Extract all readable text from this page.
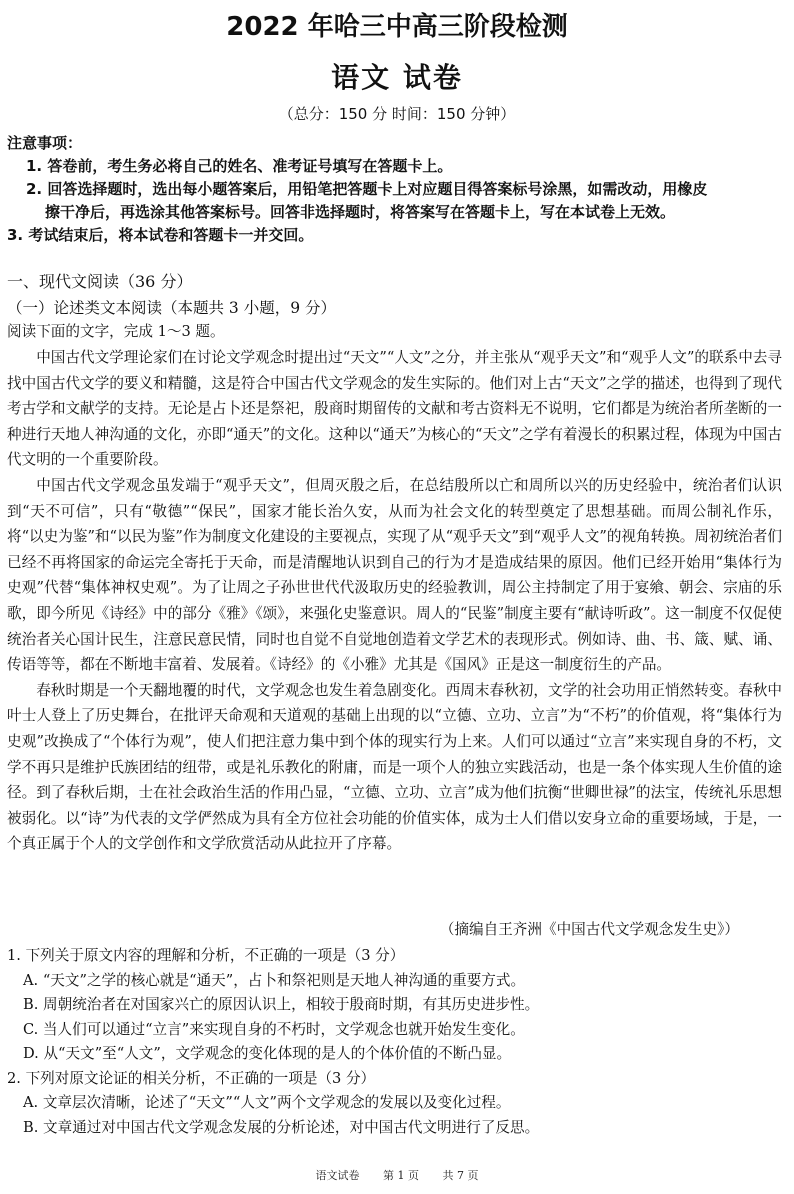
2022 年哈三中高三阶段检测
语文 试卷
（总分：150 分 时间：150 分钟）
注意事项：
1. 答卷前，考生务必将自己的姓名、准考证号填写在答题卡上。
2. 回答选择题时，选出每小题答案后，用铅笔把答题卡上对应题目得答案标号涂黑，如需改动，用橡皮
擦干净后，再选涂其他答案标号。回答非选择题时，将答案写在答题卡上，写在本试卷上无效。
3. 考试结束后，将本试卷和答题卡一并交回。
一、现代文阅读（36 分）
（一）论述类文本阅读（本题共 3 小题，9 分）
阅读下面的文字，完成 1～3 题。

中国古代文学理论家们在讨论文学观念时提出过“天文”“人文”之分，并主张从“观乎天文”和“观乎人文”的联系中去寻找中国古代文学的要义和精髓，这是符合中国古代文学观念的发生实际的。他们对上古“天文”之学的描述，也得到了现代考古学和文献学的支持。无论是占卜还是祭祀，殷商时期留传的文献和考古资料无不说明，它们都是为统治者所垄断的一种进行天地人神沟通的文化，亦即“通天”的文化。这种以“通天”为核心的“天文”之学有着漫长的积累过程，体现为中国古代文明的一个重要阶段。

中国古代文学观念虽发端于“观乎天文”，但周灭殷之后，在总结殷所以亡和周所以兴的历史经验中，统治者们认识到“天不可信”，只有“敬德”“保民”，国家才能长治久安，从而为社会文化的转型奠定了思想基础。而周公制礼作乐，将“以史为鉴”和“以民为鉴”作为制度文化建设的主要视点，实现了从“观乎天文”到“观乎人文”的视角转换。周初统治者们已经不再将国家的命运完全寄托于天命，而是清醒地认识到自己的行为才是造成结果的原因。他们已经开始用“集体行为史观”代替“集体神权史观”。为了让周之子孙世世代代汲取历史的经验教训，周公主持制定了用于宴飨、朝会、宗庙的乐歌，即今所见《诗经》中的部分《雅》《颂》，来强化史鉴意识。周人的“民鉴”制度主要有“献诗听政”。这一制度不仅促使统治者关心国计民生，注意民意民情，同时也自觉不自觉地创造着文学艺术的表现形式。例如诗、曲、书、箴、赋、诵、传语等等，都在不断地丰富着、发展着。《诗经》的《小雅》尤其是《国风》正是这一制度衍生的产品。

春秋时期是一个天翻地覆的时代，文学观念也发生着急剧变化。西周末春秋初，文学的社会功用正悄然转变。春秋中叶士人登上了历史舞台，在批评天命观和天道观的基础上出现的以“立德、立功、立言”为“不朽”的价值观，将“集体行为史观”改换成了“个体行为观”，使人们把注意力集中到个体的现实行为上来。人们可以通过“立言”来实现自身的不朽，文学不再只是维护氏族团结的纽带，或是礼乐教化的附庸，而是一项个人的独立实践活动，也是一条个体实现人生价值的途径。到了春秋后期，士在社会政治生活的作用凸显，“立德、立功、立言”成为他们抗衡“世卿世禄”的法宝，传统礼乐思想被弱化。以“诗”为代表的文学俨然成为具有全方位社会功能的价值实体，成为士人们借以安身立命的重要场域，于是，一个真正属于个人的文学创作和文学欣赏活动从此拉开了序幕。

（摘编自王齐洲《中国古代文学观念发生史》）
1. 下列关于原文内容的理解和分析，不正确的一项是（3 分）
A. “天文”之学的核心就是“通天”，占卜和祭祀则是天地人神沟通的重要方式。
B. 周朝统治者在对国家兴亡的原因认识上，相较于殷商时期，有其历史进步性。
C. 当人们可以通过“立言”来实现自身的不朽时，文学观念也就开始发生变化。
D. 从“天文”至“人文”，文学观念的变化体现的是人的个体价值的不断凸显。
2. 下列对原文论证的相关分析，不正确的一项是（3 分）
A. 文章层次清晰，论述了“天文”“人文”两个文学观念的发展以及变化过程。
B. 文章通过对中国古代文学观念发展的分析论述，对中国古代文明进行了反思。
语文试卷 第 1 页 共 7 页
